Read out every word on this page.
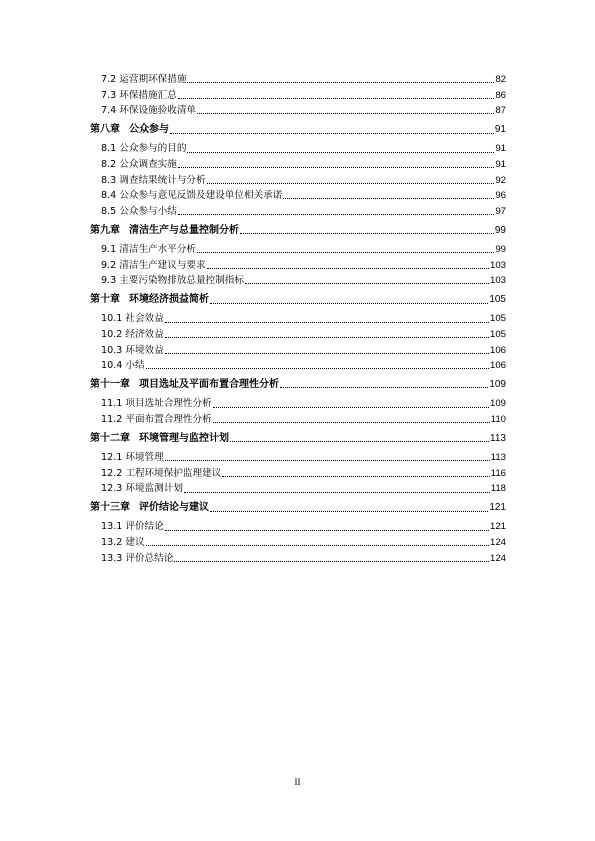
7.2 运营期环保措施	82
7.3 环保措施汇总	86
7.4 环保设施验收清单	87
第八章 公众参与	91
8.1 公众参与的目的	91
8.2 公众调查实施	91
8.3 调查结果统计与分析	92
8.4 公众参与意见反馈及建设单位相关承诺	96
8.5 公众参与小结	97
第九章 清洁生产与总量控制分析	99
9.1 清洁生产水平分析	99
9.2 清洁生产建议与要求	103
9.3 主要污染物排放总量控制指标	103
第十章 环境经济损益简析	105
10.1 社会效益	105
10.2 经济效益	105
10.3 环境效益	106
10.4 小结	106
第十一章 项目选址及平面布置合理性分析	109
11.1 项目选址合理性分析	109
11.2 平面布置合理性分析	110
第十二章 环境管理与监控计划	113
12.1 环境管理	113
12.2 工程环境保护监理建议	116
12.3 环境监测计划	118
第十三章 评价结论与建议	121
13.1 评价结论	121
13.2 建议	124
13.3 评价总结论	124
II
